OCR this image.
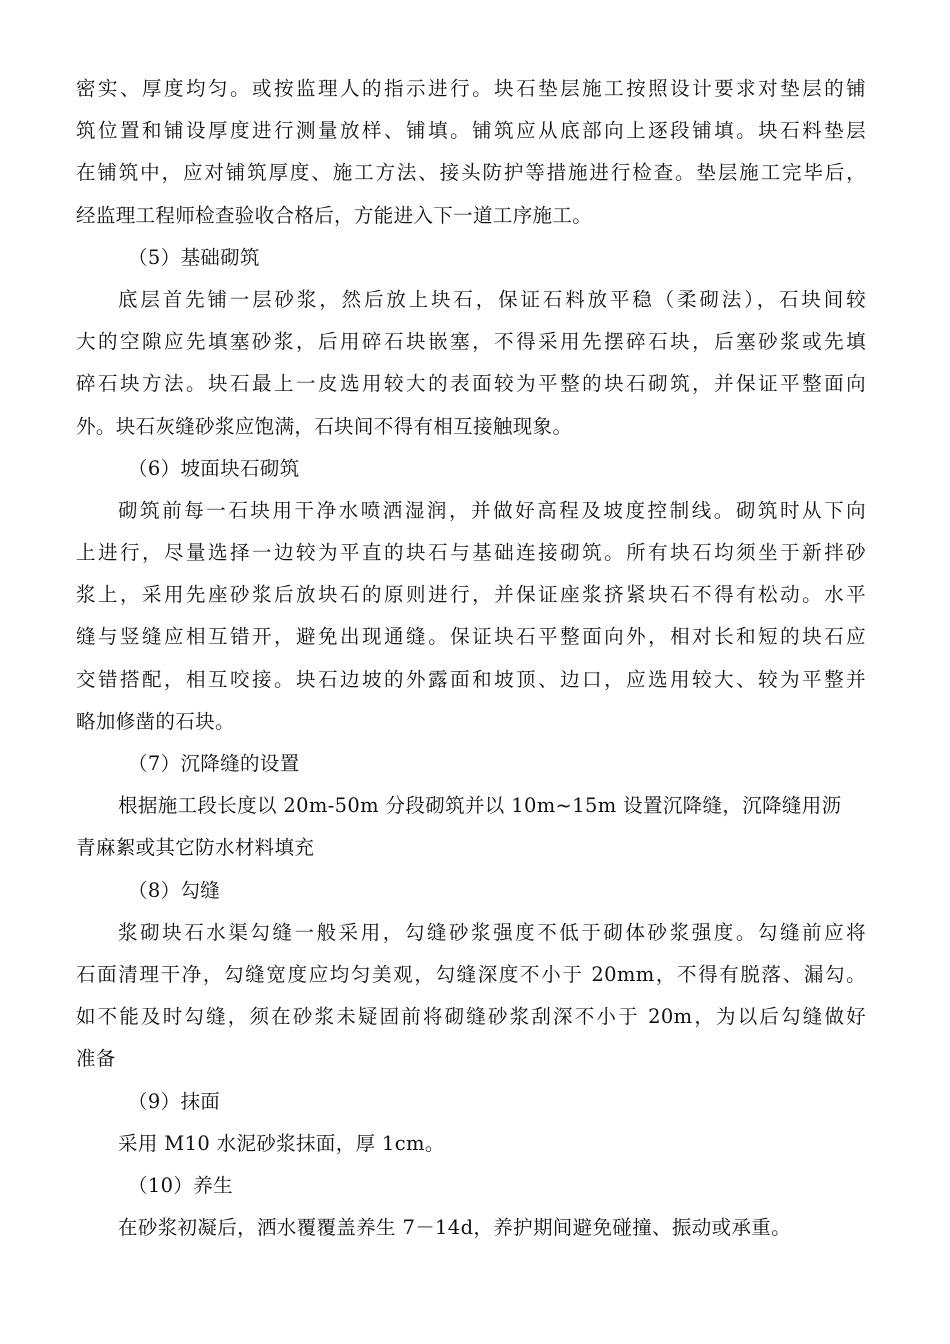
密实、厚度均匀。或按监理人的指示进行。块石垫层施工按照设计要求对垫层的铺
筑位置和铺设厚度进行测量放样、铺填。铺筑应从底部向上逐段铺填。块石料垫层
在铺筑中，应对铺筑厚度、施工方法、接头防护等措施进行检查。垫层施工完毕后，
经监理工程师检查验收合格后，方能进入下一道工序施工。
（5）基础砌筑
底层首先铺一层砂浆，然后放上块石，保证石料放平稳（柔砌法），石块间较
大的空隙应先填塞砂浆，后用碎石块嵌塞，不得采用先摆碎石块，后塞砂浆或先填
碎石块方法。块石最上一皮选用较大的表面较为平整的块石砌筑，并保证平整面向
外。块石灰缝砂浆应饱满，石块间不得有相互接触现象。
（6）坡面块石砌筑
砌筑前每一石块用干净水喷洒湿润，并做好高程及坡度控制线。砌筑时从下向
上进行，尽量选择一边较为平直的块石与基础连接砌筑。所有块石均须坐于新拌砂
浆上，采用先座砂浆后放块石的原则进行，并保证座浆挤紧块石不得有松动。水平
缝与竖缝应相互错开，避免出现通缝。保证块石平整面向外，相对长和短的块石应
交错搭配，相互咬接。块石边坡的外露面和坡顶、边口，应选用较大、较为平整并
略加修凿的石块。
（7）沉降缝的设置
根据施工段长度以 20m-50m 分段砌筑并以 10m~15m 设置沉降缝，沉降缝用沥
青麻絮或其它防水材料填充
（8）勾缝
浆砌块石水渠勾缝一般采用，勾缝砂浆强度不低于砌体砂浆强度。勾缝前应将
石面清理干净，勾缝宽度应均匀美观，勾缝深度不小于 20mm，不得有脱落、漏勾。
如不能及时勾缝，须在砂浆未疑固前将砌缝砂浆刮深不小于 20m，为以后勾缝做好
准备
（9）抹面
采用 M10 水泥砂浆抹面，厚 1cm。
（10）养生
在砂浆初凝后，洒水覆覆盖养生 7－14d，养护期间避免碰撞、振动或承重。
